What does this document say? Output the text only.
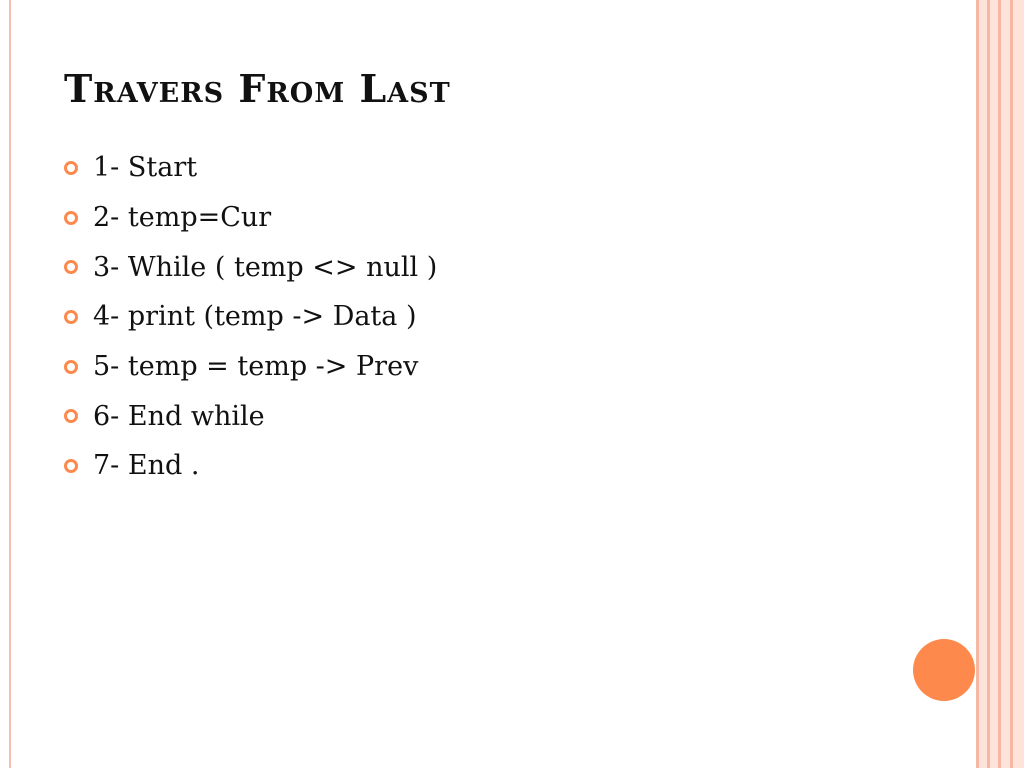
Travers From Last
1- Start
2- temp=Cur
3- While ( temp <> null )
4- print (temp -> Data )
5- temp = temp -> Prev
6- End while
7- End .
